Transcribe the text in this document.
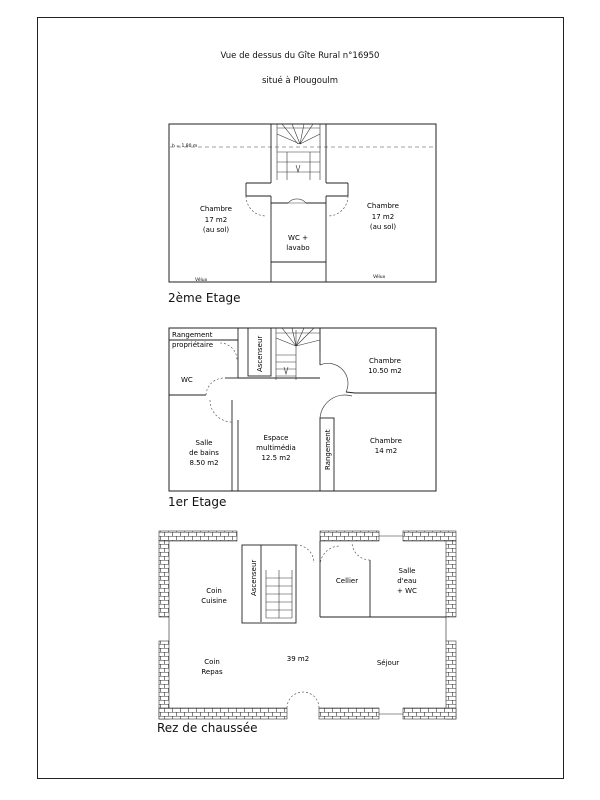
Vue de dessus du Gîte Rural n°16950
situé à Plougoulm
h = 1.80 m
Chambre
17 m2
(au sol)
Chambre
17 m2
(au sol)
WC +
lavabo
Vélux
Vélux
Rangement
propriétaire	Ascenseur
WC
Chambre
10.50 m2
Salle
de bains
8.50 m2
Espace
multimédia
12.5 m2	Rangement	Chambre
14 m2
Ascenseur	Cellier
Salle
d'eau
+ WC
Coin
Cuisine
Coin
Repas
39 m2	Séjour
2ème Etage
1er Etage
Rez de chaussée
